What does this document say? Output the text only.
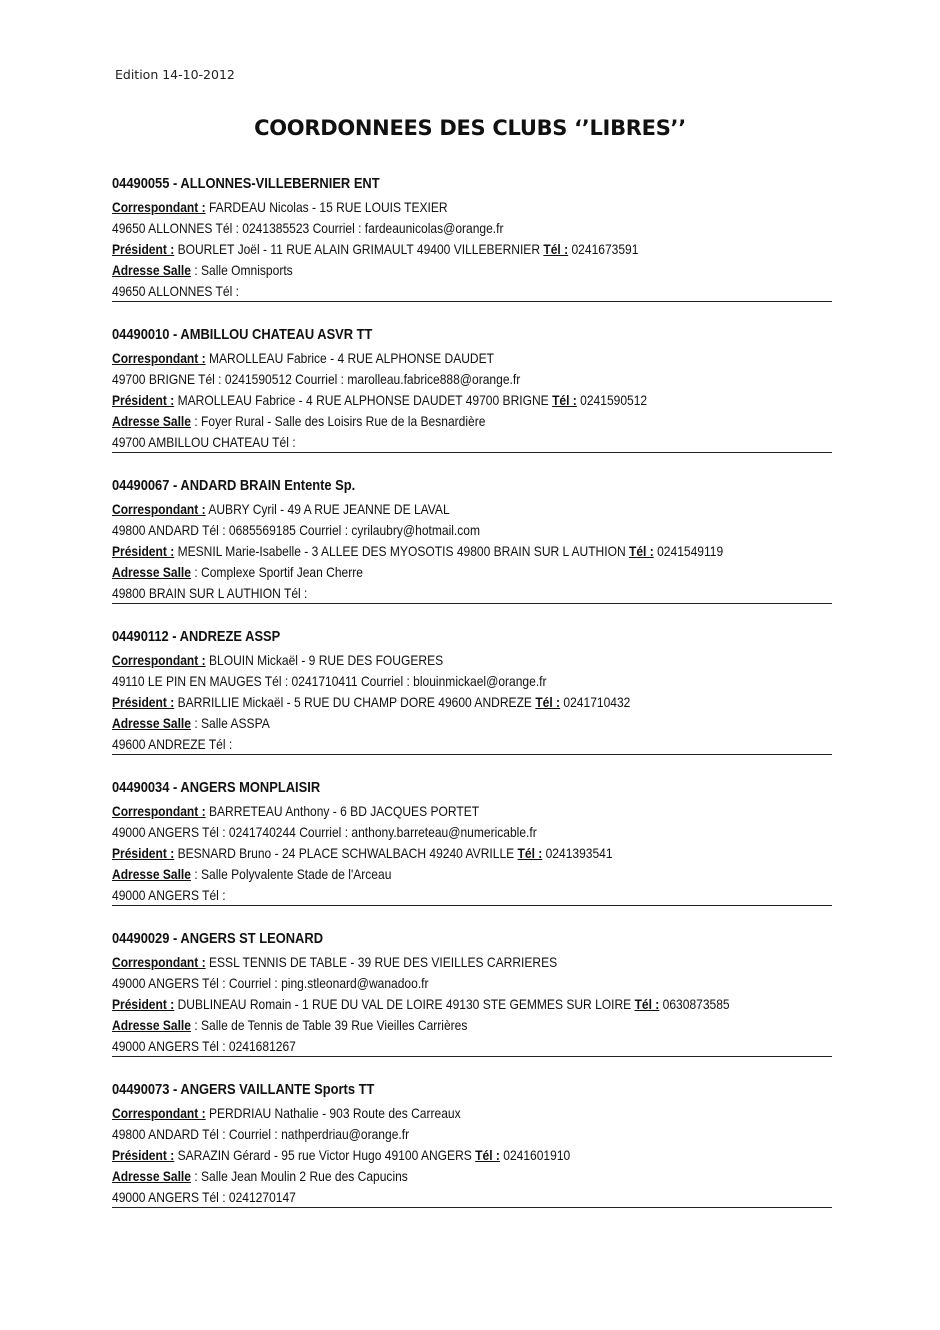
Edition 14-10-2012
COORDONNEES DES CLUBS ‘’LIBRES’’
04490055 - ALLONNES-VILLEBERNIER ENT
Correspondant : FARDEAU Nicolas - 15 RUE LOUIS TEXIER
49650 ALLONNES Tél : 0241385523 Courriel : fardeaunicolas@orange.fr
Président : BOURLET Joël - 11 RUE ALAIN GRIMAULT 49400 VILLEBERNIER Tél : 0241673591
Adresse Salle : Salle Omnisports
49650 ALLONNES Tél :
04490010 - AMBILLOU CHATEAU ASVR TT
Correspondant : MAROLLEAU Fabrice - 4 RUE ALPHONSE DAUDET
49700 BRIGNE Tél : 0241590512 Courriel : marolleau.fabrice888@orange.fr
Président : MAROLLEAU Fabrice - 4 RUE ALPHONSE DAUDET 49700 BRIGNE Tél : 0241590512
Adresse Salle : Foyer Rural - Salle des Loisirs Rue de la Besnardière
49700 AMBILLOU CHATEAU Tél :
04490067 - ANDARD BRAIN Entente Sp.
Correspondant : AUBRY Cyril - 49 A RUE JEANNE DE LAVAL
49800 ANDARD Tél : 0685569185 Courriel : cyrilaubry@hotmail.com
Président : MESNIL Marie-Isabelle - 3 ALLEE DES MYOSOTIS 49800 BRAIN SUR L AUTHION Tél : 0241549119
Adresse Salle : Complexe Sportif Jean Cherre
49800 BRAIN SUR L AUTHION Tél :
04490112 - ANDREZE ASSP
Correspondant : BLOUIN Mickaël - 9 RUE DES FOUGERES
49110 LE PIN EN MAUGES Tél : 0241710411 Courriel : blouinmickael@orange.fr
Président : BARRILLIE Mickaël - 5 RUE DU CHAMP DORE 49600 ANDREZE Tél : 0241710432
Adresse Salle : Salle ASSPA
49600 ANDREZE Tél :
04490034 - ANGERS MONPLAISIR
Correspondant : BARRETEAU Anthony - 6 BD JACQUES PORTET
49000 ANGERS Tél : 0241740244 Courriel : anthony.barreteau@numericable.fr
Président : BESNARD Bruno - 24 PLACE SCHWALBACH 49240 AVRILLE Tél : 0241393541
Adresse Salle : Salle Polyvalente Stade de l'Arceau
49000 ANGERS Tél :
04490029 - ANGERS ST LEONARD
Correspondant : ESSL TENNIS DE TABLE - 39 RUE DES VIEILLES CARRIERES
49000 ANGERS Tél : Courriel : ping.stleonard@wanadoo.fr
Président : DUBLINEAU Romain - 1 RUE DU VAL DE LOIRE 49130 STE GEMMES SUR LOIRE Tél : 0630873585
Adresse Salle : Salle de Tennis de Table 39 Rue Vieilles Carrières
49000 ANGERS Tél : 0241681267
04490073 - ANGERS VAILLANTE Sports TT
Correspondant : PERDRIAU Nathalie - 903 Route des Carreaux
49800 ANDARD Tél : Courriel : nathperdriau@orange.fr
Président : SARAZIN Gérard - 95 rue Victor Hugo 49100 ANGERS Tél : 0241601910
Adresse Salle : Salle Jean Moulin 2 Rue des Capucins
49000 ANGERS Tél : 0241270147
